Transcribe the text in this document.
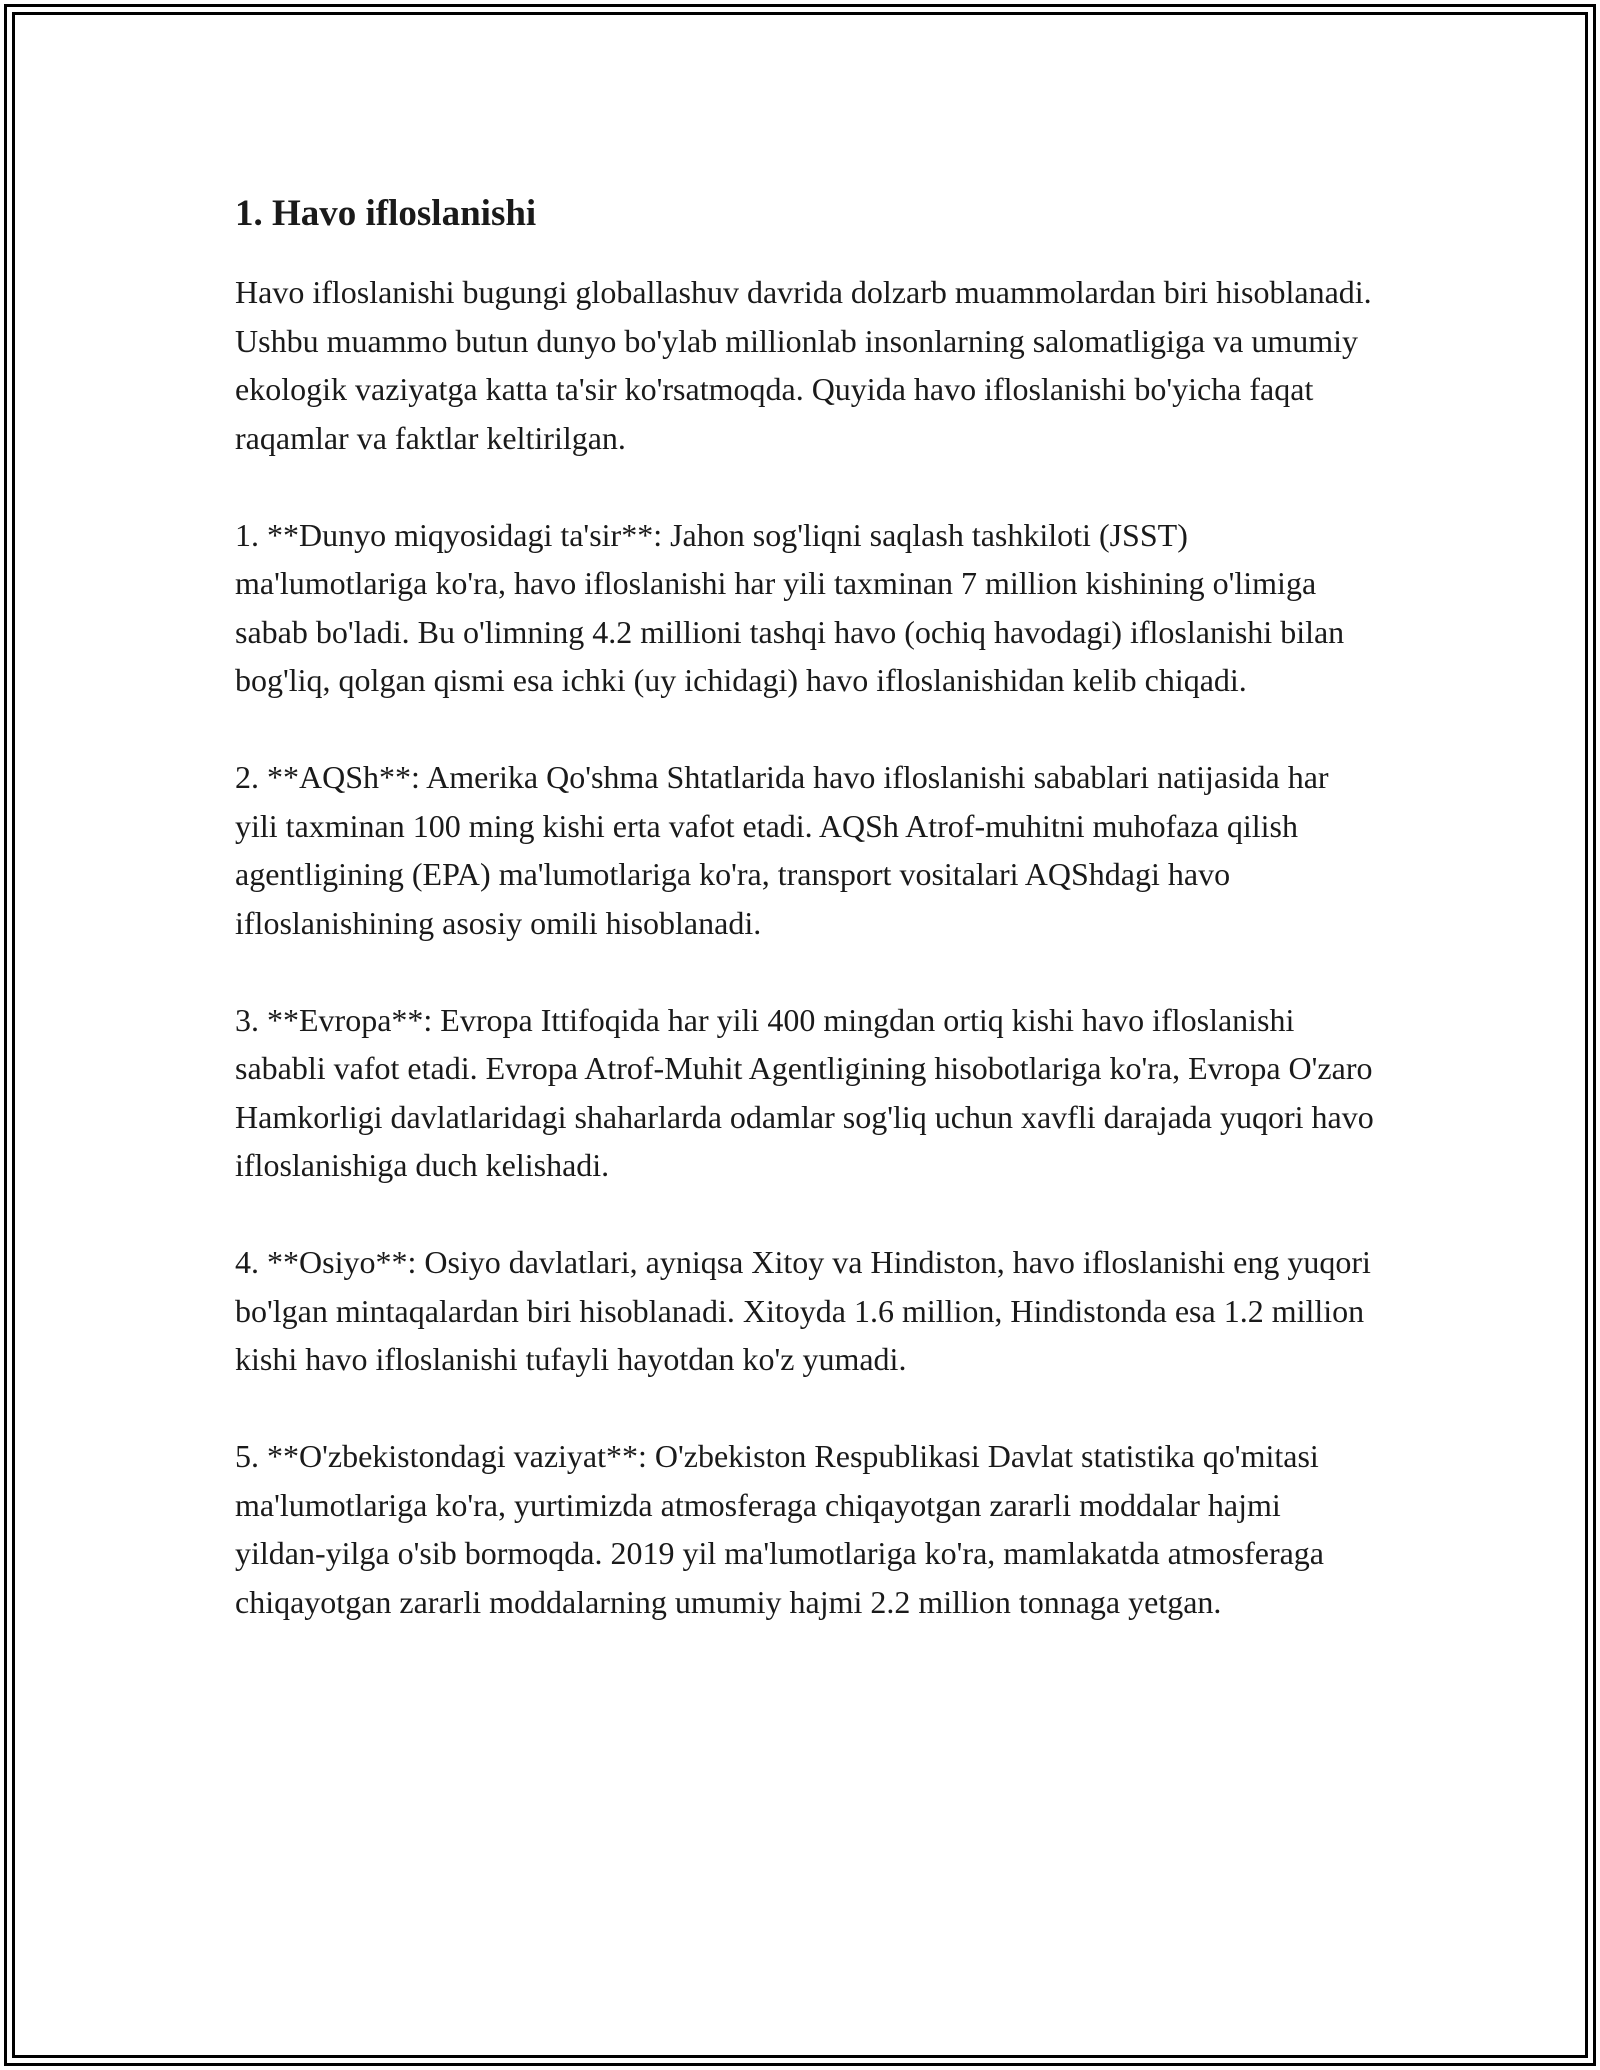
1. Havo ifloslanishi

Havo ifloslanishi bugungi globallashuv davrida dolzarb muammolardan biri hisoblanadi. Ushbu muammo butun dunyo bo'ylab millionlab insonlarning salomatligiga va umumiy ekologik vaziyatga katta ta'sir ko'rsatmoqda. Quyida havo ifloslanishi bo'yicha faqat raqamlar va faktlar keltirilgan.

1. **Dunyo miqyosidagi ta'sir**: Jahon sog'liqni saqlash tashkiloti (JSST) ma'lumotlariga ko'ra, havo ifloslanishi har yili taxminan 7 million kishining o'limiga sabab bo'ladi. Bu o'limning 4.2 millioni tashqi havo (ochiq havodagi) ifloslanishi bilan bog'liq, qolgan qismi esa ichki (uy ichidagi) havo ifloslanishidan kelib chiqadi.

2. **AQSh**: Amerika Qo'shma Shtatlarida havo ifloslanishi sabablari natijasida har yili taxminan 100 ming kishi erta vafot etadi. AQSh Atrof-muhitni muhofaza qilish agentligining (EPA) ma'lumotlariga ko'ra, transport vositalari AQShdagi havo ifloslanishining asosiy omili hisoblanadi.

3. **Evropa**: Evropa Ittifoqida har yili 400 mingdan ortiq kishi havo ifloslanishi sababli vafot etadi. Evropa Atrof-Muhit Agentligining hisobotlariga ko'ra, Evropa O'zaro Hamkorligi davlatlaridagi shaharlarda odamlar sog'liq uchun xavfli darajada yuqori havo ifloslanishiga duch kelishadi.

4. **Osiyo**: Osiyo davlatlari, ayniqsa Xitoy va Hindiston, havo ifloslanishi eng yuqori bo'lgan mintaqalardan biri hisoblanadi. Xitoyda 1.6 million, Hindistonda esa 1.2 million kishi havo ifloslanishi tufayli hayotdan ko'z yumadi.

5. **O'zbekistondagi vaziyat**: O'zbekiston Respublikasi Davlat statistika qo'mitasi ma'lumotlariga ko'ra, yurtimizda atmosferaga chiqayotgan zararli moddalar hajmi yildan-yilga o'sib bormoqda. 2019 yil ma'lumotlariga ko'ra, mamlakatda atmosferaga chiqayotgan zararli moddalarning umumiy hajmi 2.2 million tonnaga yetgan.
